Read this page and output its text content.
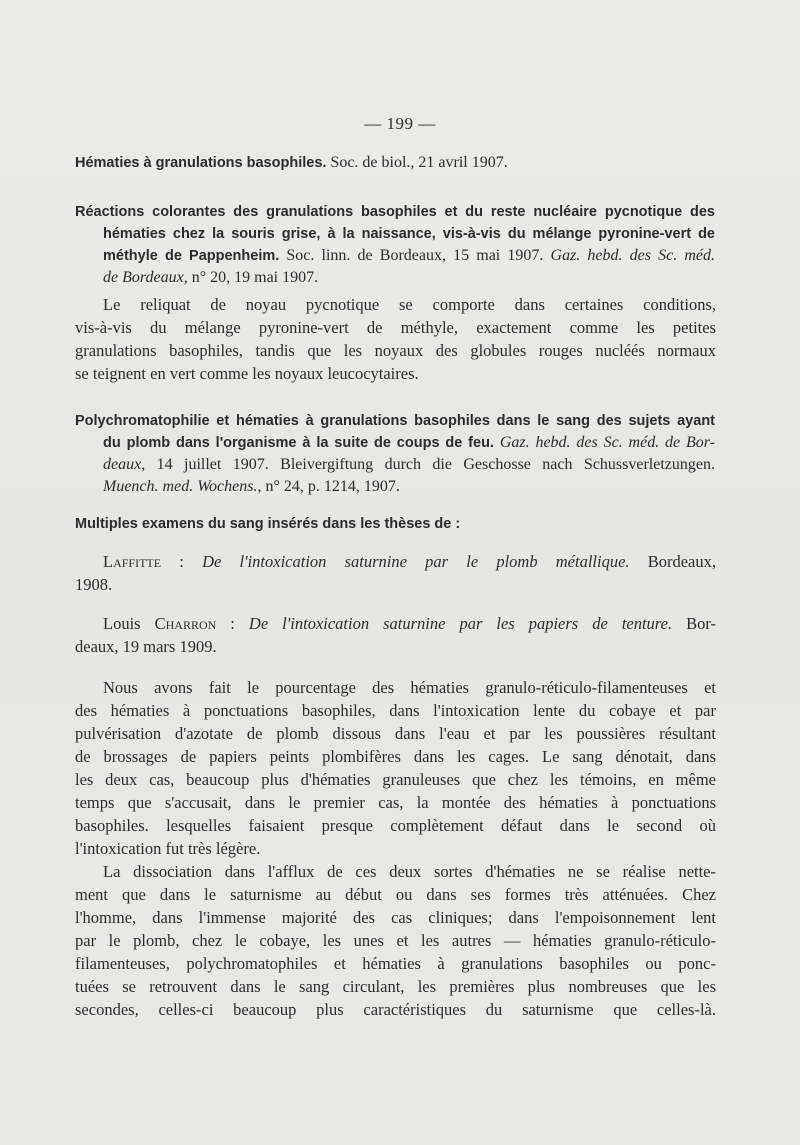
— 199 —
Hématies à granulations basophiles. Soc. de biol., 21 avril 1907.
Réactions colorantes des granulations basophiles et du reste nucléaire pycnotique des
hématies chez la souris grise, à la naissance, vis-à-vis du mélange pyronine-vert de
méthyle de Pappenheim. Soc. linn. de Bordeaux, 15 mai 1907. Gaz. hebd. des Sc. méd.
de Bordeaux, n° 20, 19 mai 1907.
Le reliquat de noyau pycnotique se comporte dans certaines conditions,
vis-à-vis du mélange pyronine-vert de méthyle, exactement comme les petites
granulations basophiles, tandis que les noyaux des globules rouges nucléés normaux
se teignent en vert comme les noyaux leucocytaires.
Polychromatophilie et hématies à granulations basophiles dans le sang des sujets ayant
du plomb dans l'organisme à la suite de coups de feu. Gaz. hebd. des Sc. méd. de Bor-
deaux, 14 juillet 1907. Bleivergiftung durch die Geschosse nach Schussverletzungen.
Muench. med. Wochens., n° 24, p. 1214, 1907.
Multiples examens du sang insérés dans les thèses de :
Laffitte : De l'intoxication saturnine par le plomb métallique. Bordeaux,
1908.
Louis Charron : De l'intoxication saturnine par les papiers de tenture. Bor-
deaux, 19 mars 1909.
Nous avons fait le pourcentage des hématies granulo-réticulo-filamenteuses et
des hématies à ponctuations basophiles, dans l'intoxication lente du cobaye et par
pulvérisation d'azotate de plomb dissous dans l'eau et par les poussières résultant
de brossages de papiers peints plombifères dans les cages. Le sang dénotait, dans
les deux cas, beaucoup plus d'hématies granuleuses que chez les témoins, en même
temps que s'accusait, dans le premier cas, la montée des hématies à ponctuations
basophiles. lesquelles faisaient presque complètement défaut dans le second où
l'intoxication fut très légère.
La dissociation dans l'afflux de ces deux sortes d'hématies ne se réalise nette-
ment que dans le saturnisme au début ou dans ses formes très atténuées. Chez
l'homme, dans l'immense majorité des cas cliniques; dans l'empoisonnement lent
par le plomb, chez le cobaye, les unes et les autres — hématies granulo-réticulo-
filamenteuses, polychromatophiles et hématies à granulations basophiles ou ponc-
tuées se retrouvent dans le sang circulant, les premières plus nombreuses que les
secondes, celles-ci beaucoup plus caractéristiques du saturnisme que celles-là.
